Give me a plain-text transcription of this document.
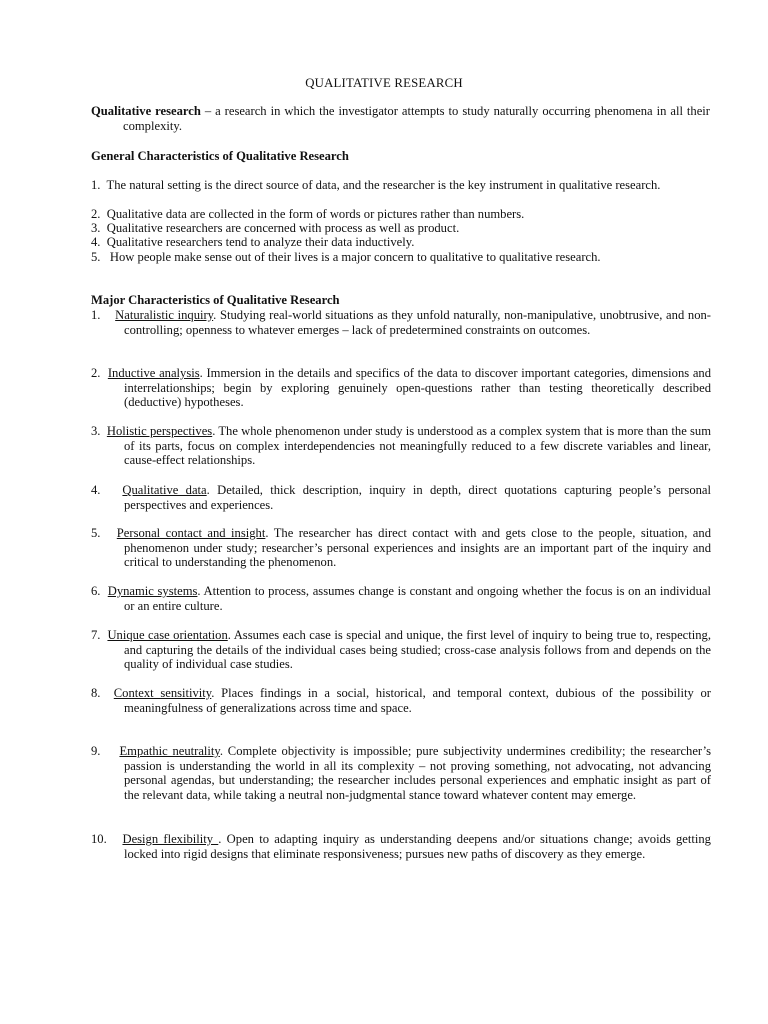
QUALITATIVE RESEARCH
Qualitative research – a research in which the investigator attempts to study naturally occurring phenomena in all their complexity.
General Characteristics of Qualitative Research
1. The natural setting is the direct source of data, and the researcher is the key instrument in qualitative research.
2. Qualitative data are collected in the form of words or pictures rather than numbers.
3. Qualitative researchers are concerned with process as well as product.
4. Qualitative researchers tend to analyze their data inductively.
5. How people make sense out of their lives is a major concern to qualitative to qualitative research.
Major Characteristics of Qualitative Research
1. Naturalistic inquiry. Studying real-world situations as they unfold naturally, non-manipulative, unobtrusive, and non-controlling; openness to whatever emerges – lack of predetermined constraints on outcomes.
2. Inductive analysis. Immersion in the details and specifics of the data to discover important categories, dimensions and interrelationships; begin by exploring genuinely open-questions rather than testing theoretically described (deductive) hypotheses.
3. Holistic perspectives. The whole phenomenon under study is understood as a complex system that is more than the sum of its parts, focus on complex interdependencies not meaningfully reduced to a few discrete variables and linear, cause-effect relationships.
4. Qualitative data. Detailed, thick description, inquiry in depth, direct quotations capturing people’s personal perspectives and experiences.
5. Personal contact and insight. The researcher has direct contact with and gets close to the people, situation, and phenomenon under study; researcher’s personal experiences and insights are an important part of the inquiry and critical to understanding the phenomenon.
6. Dynamic systems. Attention to process, assumes change is constant and ongoing whether the focus is on an individual or an entire culture.
7. Unique case orientation. Assumes each case is special and unique, the first level of inquiry to being true to, respecting, and capturing the details of the individual cases being studied; cross-case analysis follows from and depends on the quality of individual case studies.
8. Context sensitivity. Places findings in a social, historical, and temporal context, dubious of the possibility or meaningfulness of generalizations across time and space.
9. Empathic neutrality. Complete objectivity is impossible; pure subjectivity undermines credibility; the researcher’s passion is understanding the world in all its complexity – not proving something, not advocating, not advancing personal agendas, but understanding; the researcher includes personal experiences and emphatic insight as part of the relevant data, while taking a neutral non-judgmental stance toward whatever content may emerge.
10. Design flexibility . Open to adapting inquiry as understanding deepens and/or situations change; avoids getting locked into rigid designs that eliminate responsiveness; pursues new paths of discovery as they emerge.
